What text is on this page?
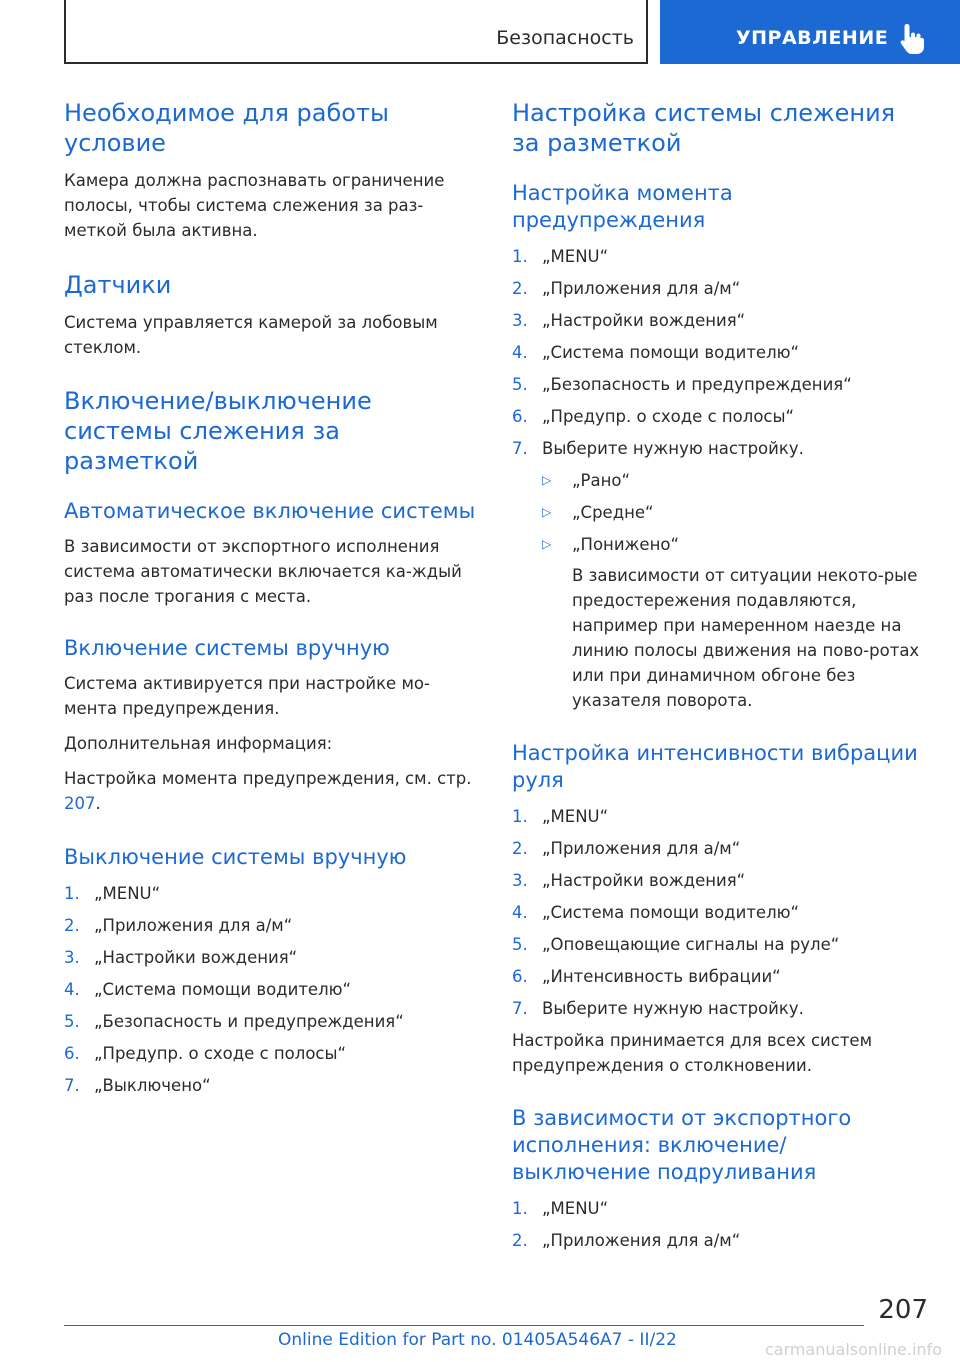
Безопасность	УПРАВЛЕНИЕ
Необходимое для работы условие

Камера должна распознавать ограничение полосы, чтобы система слежения за раз-меткой была активна.

Датчики

Система управляется камерой за лобовым стеклом.

Включение/выключение системы слежения за разметкой
Автоматическое включение системы

В зависимости от экспортного исполнения система автоматически включается ка-ждый раз после трогания с места.

Включение системы вручную

Система активируется при настройке мо-мента предупреждения.

Дополнительная информация:

Настройка момента предупреждения, см. стр. 207.

Выключение системы вручную
1. „MENU“
2. „Приложения для а/м“
3. „Настройки вождения“
4. „Система помощи водителю“
5. „Безопасность и предупреждения“
6. „Предупр. о сходе с полосы“
7. „Выключено“
Настройка системы слежения за разметкой
Настройка момента предупреждения
1. „MENU“
2. „Приложения для а/м“
3. „Настройки вождения“
4. „Система помощи водителю“
5. „Безопасность и предупреждения“
6. „Предупр. о сходе с полосы“
7. Выберите нужную настройку.
▷ „Рано“
▷ „Средне“
▷ „Понижено“

В зависимости от ситуации некото-рые предостережения подавляются, например при намеренном наезде на линию полосы движения на пово-ротах или при динамичном обгоне без указателя поворота.

Настройка интенсивности вибрации руля
1. „MENU“
2. „Приложения для а/м“
3. „Настройки вождения“
4. „Система помощи водителю“
5. „Оповещающие сигналы на руле“
6. „Интенсивность вибрации“
7. Выберите нужную настройку.

Настройка принимается для всех систем предупреждения о столкновении.

В зависимости от экспортного исполнения: включение/ выключение подруливания
1. „MENU“
2. „Приложения для а/м“
207
Online Edition for Part no. 01405A546A7 - II/22	carmanualsonline.info
